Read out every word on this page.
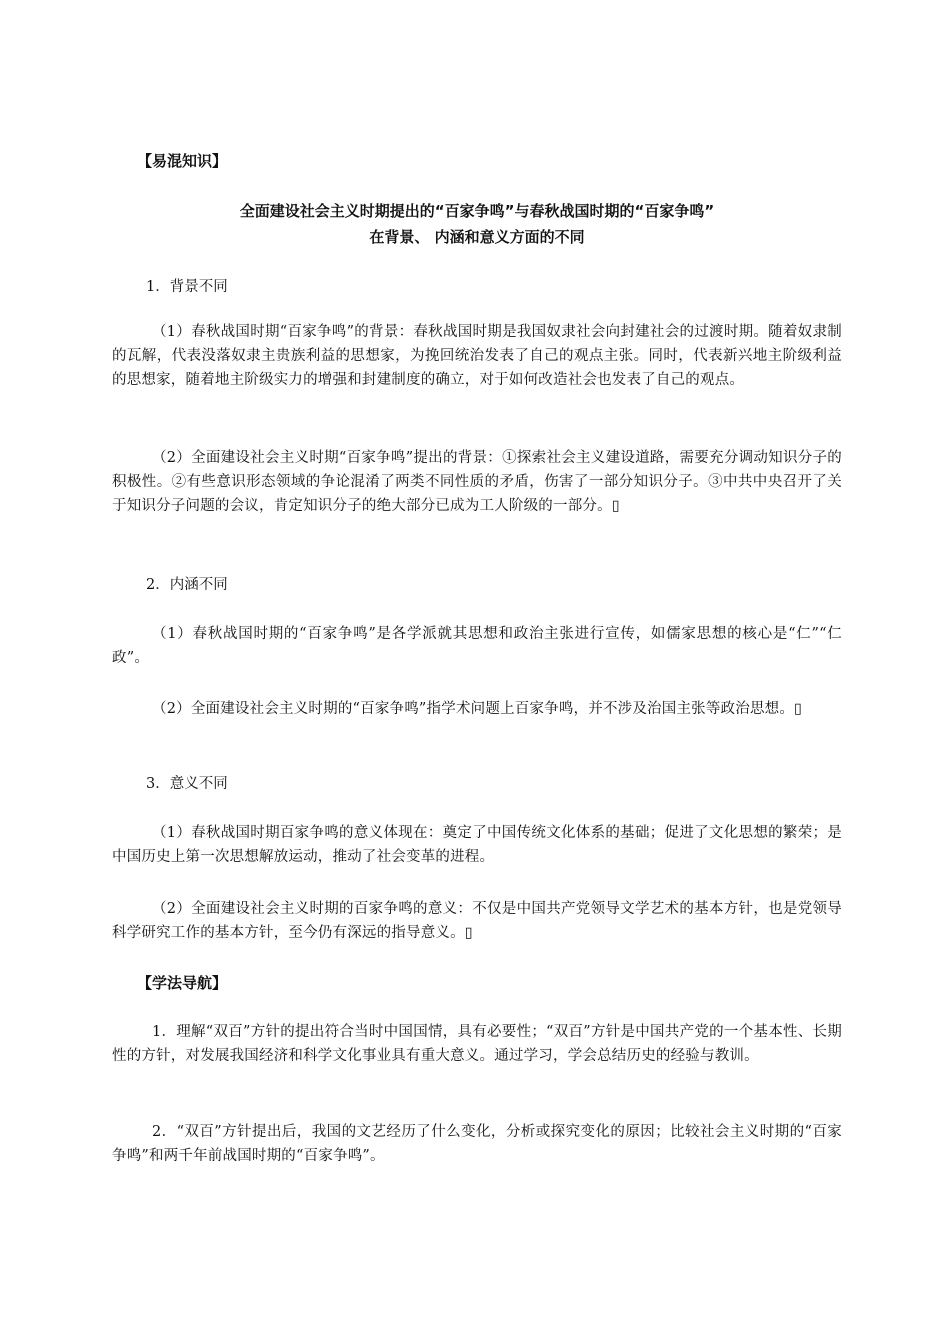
【易混知识】
全面建设社会主义时期提出的“百家争鸣”与春秋战国时期的“百家争鸣”
在背景、 内涵和意义方面的不同
1．背景不同
（1）春秋战国时期“百家争鸣”的背景：春秋战国时期是我国奴隶社会向封建社会的过渡时期。随着奴隶制的瓦解，代表没落奴隶主贵族利益的思想家，为挽回统治发表了自己的观点主张。同时，代表新兴地主阶级利益的思想家，随着地主阶级实力的增强和封建制度的确立，对于如何改造社会也发表了自己的观点。
（2）全面建设社会主义时期“百家争鸣”提出的背景：①探索社会主义建设道路，需要充分调动知识分子的积极性。②有些意识形态领域的争论混淆了两类不同性质的矛盾，伤害了一部分知识分子。③中共中央召开了关于知识分子问题的会议，肯定知识分子的绝大部分已成为工人阶级的一部分。▯
2．内涵不同
（1）春秋战国时期的“百家争鸣”是各学派就其思想和政治主张进行宣传，如儒家思想的核心是“仁”“仁政”。
（2）全面建设社会主义时期的“百家争鸣”指学术问题上百家争鸣，并不涉及治国主张等政治思想。▯
3．意义不同
（1）春秋战国时期百家争鸣的意义体现在：奠定了中国传统文化体系的基础；促进了文化思想的繁荣；是中国历史上第一次思想解放运动，推动了社会变革的进程。
（2）全面建设社会主义时期的百家争鸣的意义：不仅是中国共产党领导文学艺术的基本方针，也是党领导科学研究工作的基本方针，至今仍有深远的指导意义。▯
【学法导航】
1．理解“双百”方针的提出符合当时中国国情，具有必要性；“双百”方针是中国共产党的一个基本性、长期性的方针，对发展我国经济和科学文化事业具有重大意义。通过学习，学会总结历史的经验与教训。
2．“双百”方针提出后，我国的文艺经历了什么变化，分析或探究变化的原因；比较社会主义时期的“百家争鸣”和两千年前战国时期的“百家争鸣”。
